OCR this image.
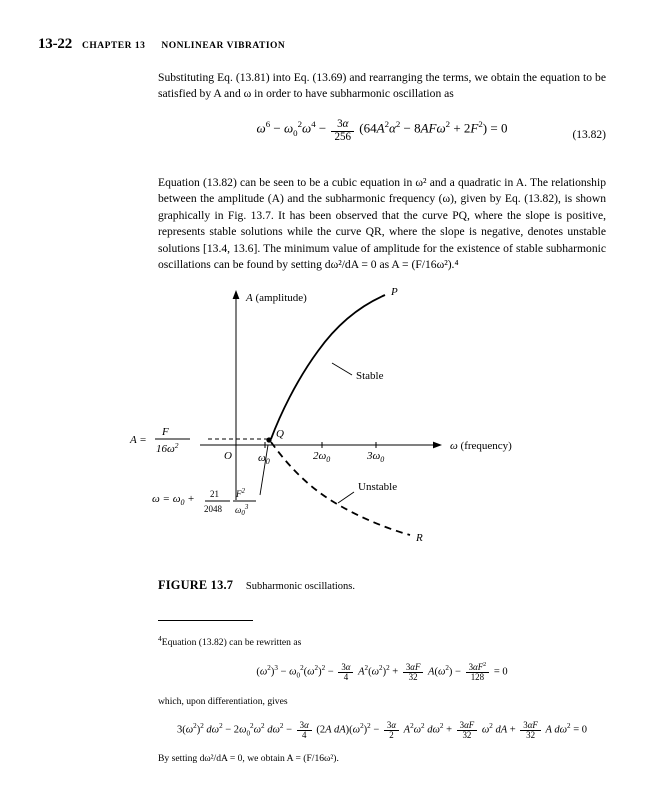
13-22 CHAPTER 13 NONLINEAR VIBRATION

Substituting Eq. (13.81) into Eq. (13.69) and rearranging the terms, we obtain the equation to be satisfied by A and ω in order to have subharmonic oscillation as

$\omega^6 - \omega_0^2\omega^4 - \frac{3\alpha}{256} (64A^2\alpha^2 - 8AF\omega^2 + 2F^2) = 0$	(13.82)

Equation (13.82) can be seen to be a cubic equation in ω² and a quadratic in A. The relationship between the amplitude (A) and the subharmonic frequency (ω), given by Eq. (13.82), is shown graphically in Fig. 13.7. It has been observed that the curve PQ, where the slope is positive, represents stable solutions while the curve QR, where the slope is negative, denotes unstable solutions [13.4, 13.6]. The minimum value of amplitude for the existence of stable subharmonic oscillations can be found by setting dω²/dA = 0 as A = (F/16ω²).⁴

A (amplitude)
ω (frequency)
O ω0	2ω0	3ω0
Q
P
R
Stable
Unstable
A =
F
16ω2
ω = ω0 + 21
2048
F2
ω03
FIGURE 13.7 Subharmonic oscillations.

$^4$Equation (13.82) can be rewritten as

$(\omega^2)^3 - \omega_0^2(\omega^2)^2 - \frac{3\alpha}{4} A^2(\omega^2)^2 + \frac{3\alpha F}{32} A(\omega^2) - \frac{3\alpha F^2}{128} = 0$

which, upon differentiation, gives

$3(\omega^2)^2$ $d\omega^2 - 2\omega_0^2\omega^2$ $d\omega^2 - \frac{3\alpha}{4} (2A$ $dA)(\omega^2)^2 - \frac{3\alpha}{2} A^2\omega^2$ $d\omega^2 + \frac{3\alpha F}{32} \omega^2$ dA + $\frac{3\alpha F}{32}$ A $d\omega^2 = 0$

By setting dω²/dA = 0, we obtain A = (F/16ω²).
